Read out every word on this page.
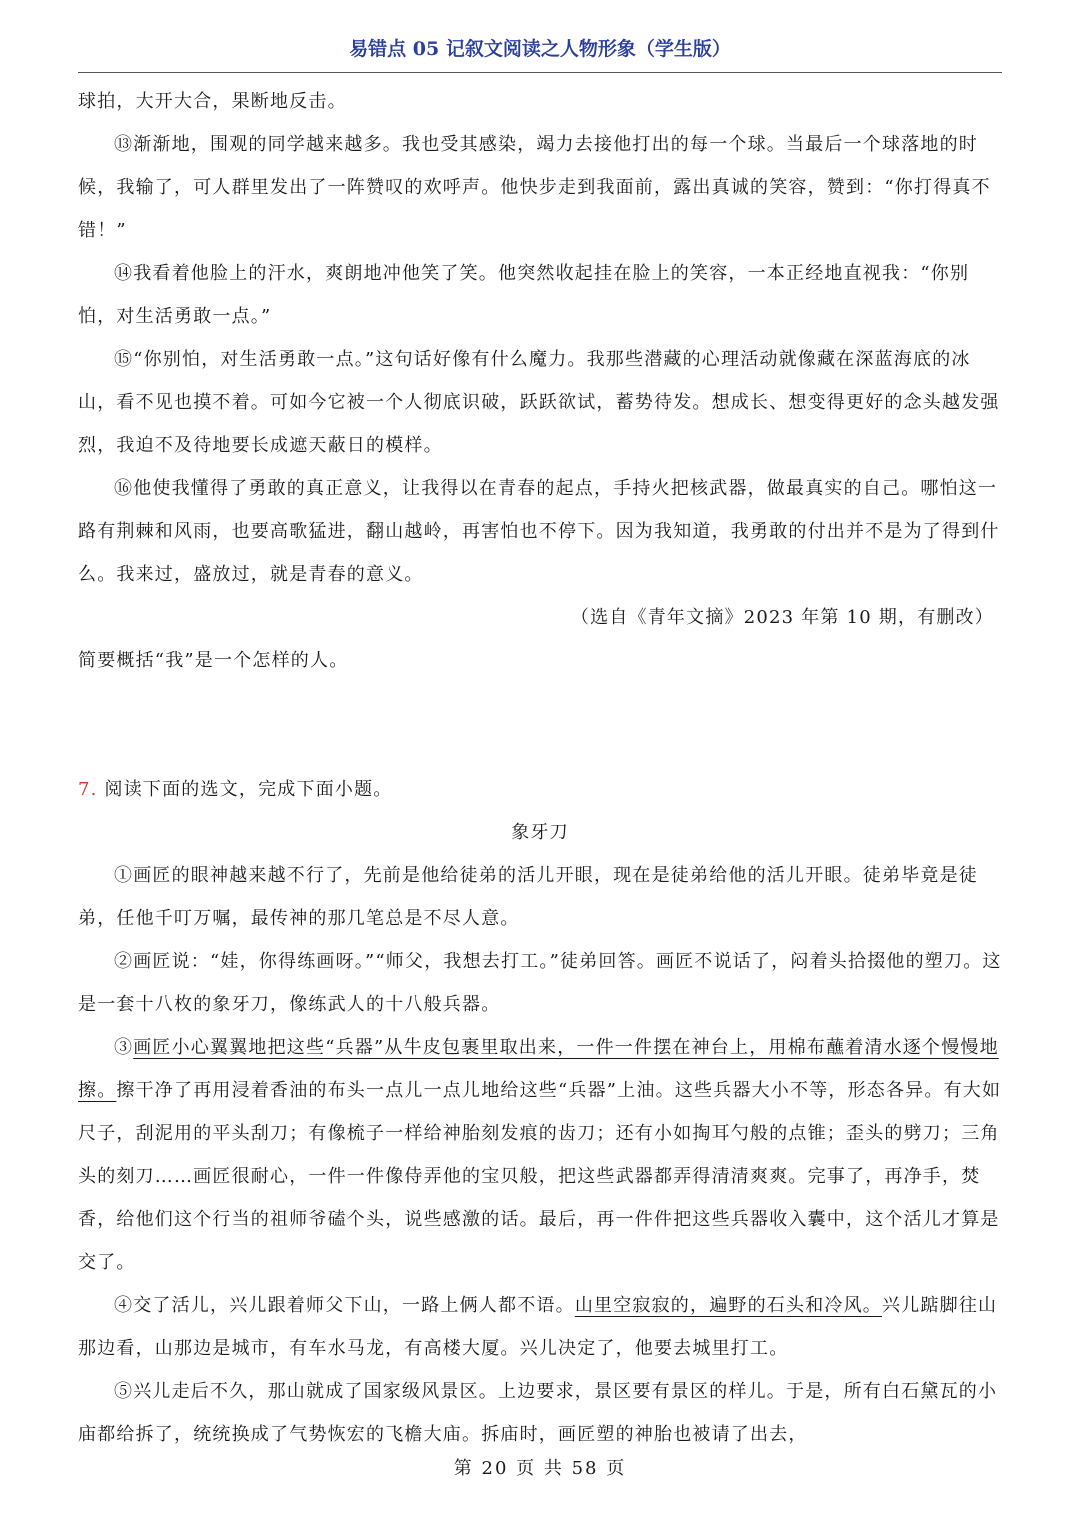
易错点 05 记叙文阅读之人物形象（学生版）

球拍，大开大合，果断地反击。

⑬渐渐地，围观的同学越来越多。我也受其感染，竭力去接他打出的每一个球。当最后一个球落地的时候，我输了，可人群里发出了一阵赞叹的欢呼声。他快步走到我面前，露出真诚的笑容，赞到：“你打得真不错！”

⑭我看着他脸上的汗水，爽朗地冲他笑了笑。他突然收起挂在脸上的笑容，一本正经地直视我：“你别怕，对生活勇敢一点。”

⑮“你别怕，对生活勇敢一点。”这句话好像有什么魔力。我那些潜藏的心理活动就像藏在深蓝海底的冰山，看不见也摸不着。可如今它被一个人彻底识破，跃跃欲试，蓄势待发。想成长、想变得更好的念头越发强烈，我迫不及待地要长成遮天蔽日的模样。

⑯他使我懂得了勇敢的真正意义，让我得以在青春的起点，手持火把核武器，做最真实的自己。哪怕这一路有荆棘和风雨，也要高歌猛进，翻山越岭，再害怕也不停下。因为我知道，我勇敢的付出并不是为了得到什么。我来过，盛放过，就是青春的意义。

（选自《青年文摘》2023 年第 10 期，有删改）

简要概括“我”是一个怎样的人。

7. 阅读下面的选文，完成下面小题。

象牙刀

①画匠的眼神越来越不行了，先前是他给徒弟的活儿开眼，现在是徒弟给他的活儿开眼。徒弟毕竟是徒弟，任他千叮万嘱，最传神的那几笔总是不尽人意。

②画匠说：“娃，你得练画呀。”“师父，我想去打工。”徒弟回答。画匠不说话了，闷着头拾掇他的塑刀。这是一套十八枚的象牙刀，像练武人的十八般兵器。

③画匠小心翼翼地把这些“兵器”从牛皮包裹里取出来，一件一件摆在神台上，用棉布蘸着清水逐个慢慢地擦。擦干净了再用浸着香油的布头一点儿一点儿地给这些“兵器”上油。这些兵器大小不等，形态各异。有大如尺子，刮泥用的平头刮刀；有像梳子一样给神胎刻发痕的齿刀；还有小如掏耳勺般的点锥；歪头的劈刀；三角头的刻刀……画匠很耐心，一件一件像侍弄他的宝贝般，把这些武器都弄得清清爽爽。完事了，再净手，焚香，给他们这个行当的祖师爷磕个头，说些感激的话。最后，再一件件把这些兵器收入囊中，这个活儿才算是交了。

④交了活儿，兴儿跟着师父下山，一路上俩人都不语。山里空寂寂的，遍野的石头和冷风。兴儿踮脚往山那边看，山那边是城市，有车水马龙，有高楼大厦。兴儿决定了，他要去城里打工。

⑤兴儿走后不久，那山就成了国家级风景区。上边要求，景区要有景区的样儿。于是，所有白石黛瓦的小庙都给拆了，统统换成了气势恢宏的飞檐大庙。拆庙时，画匠塑的神胎也被请了出去，

第 20 页 共 58 页
